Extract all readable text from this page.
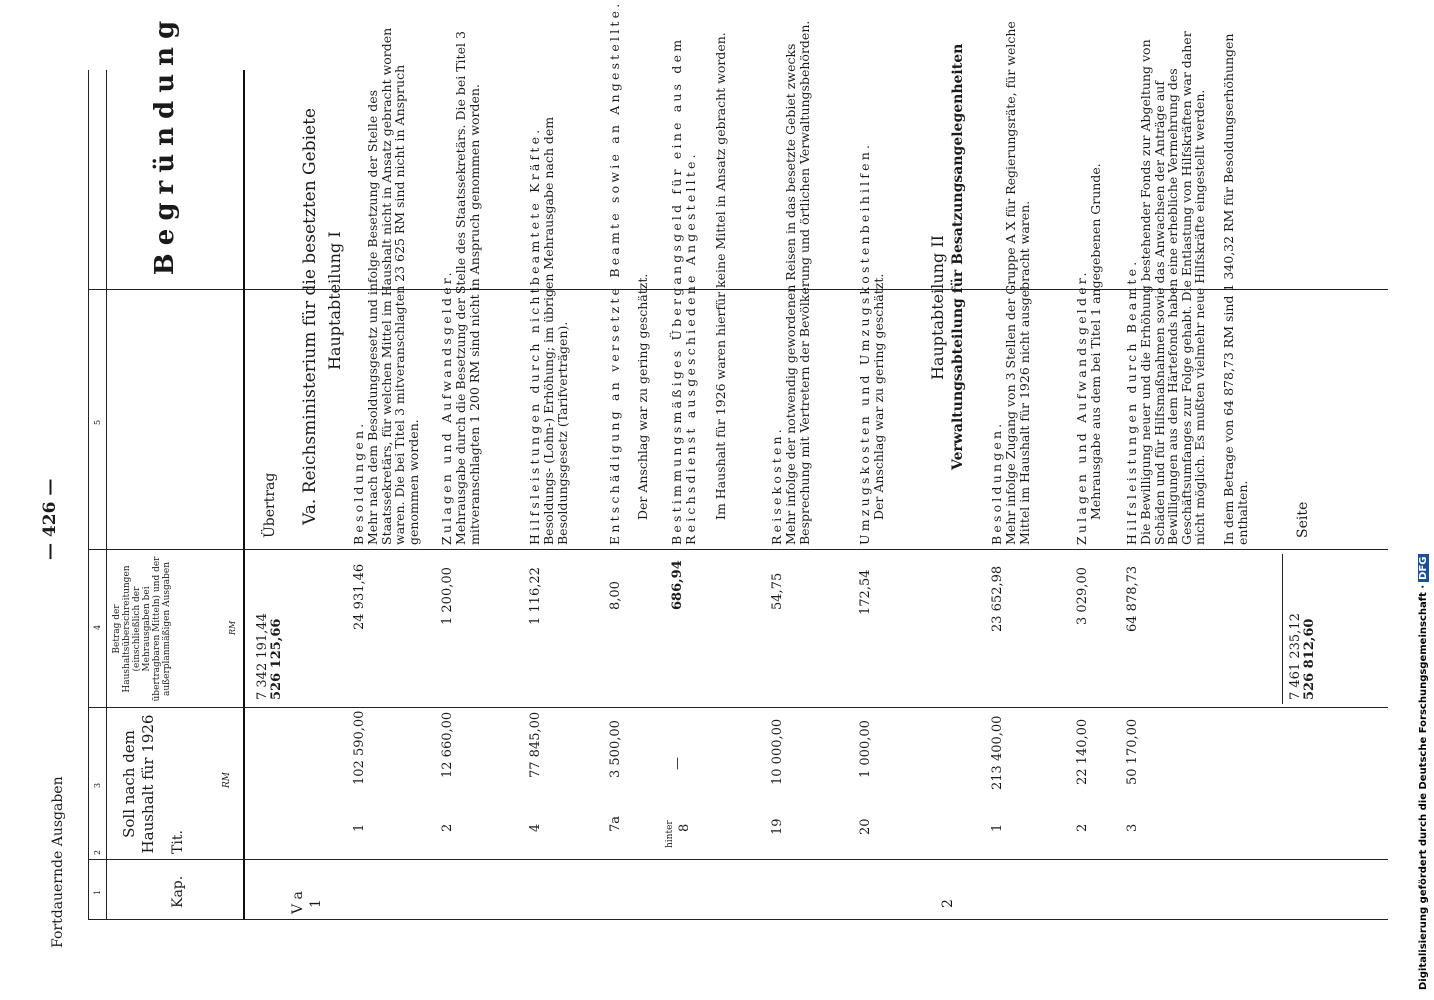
Fortdauernde Ausgaben
— 426 —
1
2
3
4
5
Kap.
Tit.
Soll nach dem Haushalt für 1926	RM
Betrag der Haushaltsüberschreitungen (einschließlich der Mehrausgaben bei übertragbaren Mitteln) und der außerplanmäßigen Ausgaben	RM
Begründung
7 342 191,44 526 125,66
Übertrag
V a 1
Va. Reichsministerium für die besetzten Gebiete Hauptabteilung I
1
102 590,00
24 931,46
Besoldungen. Mehr nach dem Besoldungsgesetz und infolge Besetzung der Stelle des Staatssekretärs, für welchen Mittel im Haushalt nicht in Ansatz gebracht worden waren. Die bei Titel 3 mitveranschlagten 23 625 RM sind nicht in Anspruch genommen worden.
2
12 660,00
1 200,00
Zulagen und Aufwandsgelder. Mehrausgabe durch die Besetzung der Stelle des Staatssekretärs. Die bei Titel 3 mitveranschlagten 1 200 RM sind nicht in Anspruch genommen worden.
4
77 845,00
1 116,22
Hilfsleistungen durch nichtbeamtete Kräfte. Besoldungs- (Lohn-) Erhöhung; im übrigen Mehrausgabe nach dem Besoldungsgesetz (Tarifverträgen).
7a
3 500,00
8,00
Entschädigung an versetzte Beamte sowie an Angestellte. Der Anschlag war zu gering geschätzt.
hinter 8
—
686,94
Bestimmungsmäßiges Übergangsgeld für eine aus dem Reichsdienst ausgeschiedene Angestellte. Im Haushalt für 1926 waren hierfür keine Mittel in Ansatz gebracht worden.
19
10 000,00
54,75
Reisekosten. Mehr infolge der notwendig gewordenen Reisen in das besetzte Gebiet zwecks Besprechung mit Vertretern der Bevölkerung und örtlichen Verwaltungsbehörden.
20
1 000,00
172,54
Umzugskosten und Umzugskostenbeihilfen. Der Anschlag war zu gering geschätzt.
2
Hauptabteilung II Verwaltungsabteilung für Besatzungsangelegenheiten
1
213 400,00
23 652,98
Besoldungen. Mehr infolge Zugang von 3 Stellen der Gruppe A X für Regierungsräte, für welche Mittel im Haushalt für 1926 nicht ausgebracht waren.
2
22 140,00
3 029,00
Zulagen und Aufwandsgelder. Mehrausgabe aus dem bei Titel 1 angegebenen Grunde.
3
50 170,00
64 878,73
Hilfsleistungen durch Beamte. Die Bewilligung neuer und die Erhöhung bestehender Fonds zur Abgeltung von Schäden und für Hilfsmaßnahmen sowie das Anwachsen der Anträge auf Bewilligungen aus dem Härtefonds haben eine erhebliche Vermehrung des Geschäftsumfanges zur Folge gehabt. Die Entlastung von Hilfskräften war daher nicht möglich. Es mußten vielmehr neue Hilfskräfte eingestellt werden. In dem Betrage von 64 878,73 RM sind 1 340,32 RM für Besoldungserhöhungen enthalten.
7 461 235,12 526 812,60
Seite
Digitalisierung gefördert durch die Deutsche Forschungsgemeinschaft ·DFG
